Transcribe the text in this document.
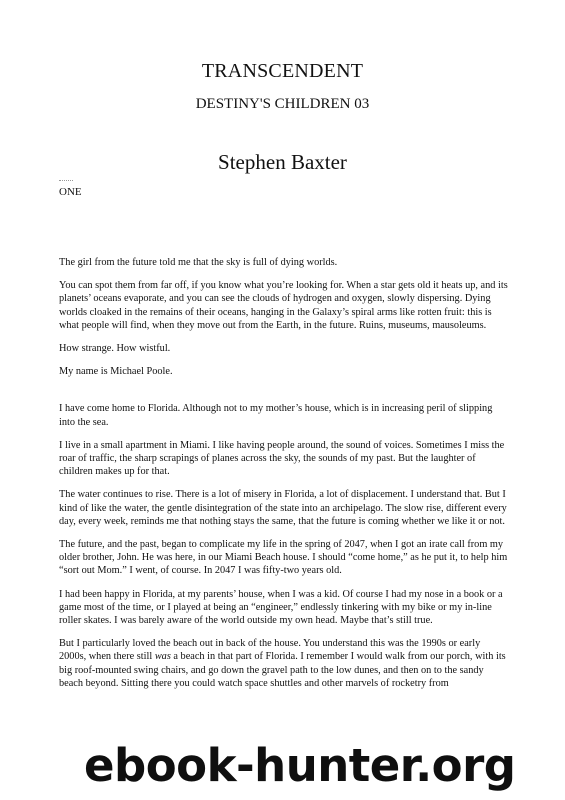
TRANSCENDENT
DESTINY'S CHILDREN 03
Stephen Baxter
ONE

The girl from the future told me that the sky is full of dying worlds.

You can spot them from far off, if you know what you’re looking for. When a star gets old it heats up, and its planets’ oceans evaporate, and you can see the clouds of hydrogen and oxygen, slowly dispersing. Dying worlds cloaked in the remains of their oceans, hanging in the Galaxy’s spiral arms like rotten fruit: this is what people will find, when they move out from the Earth, in the future. Ruins, museums, mausoleums.

How strange. How wistful.

My name is Michael Poole.

I have come home to Florida. Although not to my mother’s house, which is in increasing peril of slipping into the sea.

I live in a small apartment in Miami. I like having people around, the sound of voices. Sometimes I miss the roar of traffic, the sharp scrapings of planes across the sky, the sounds of my past. But the laughter of children makes up for that.

The water continues to rise. There is a lot of misery in Florida, a lot of displacement. I understand that. But I kind of like the water, the gentle disintegration of the state into an archipelago. The slow rise, different every day, every week, reminds me that nothing stays the same, that the future is coming whether we like it or not.

The future, and the past, began to complicate my life in the spring of 2047, when I got an irate call from my older brother, John. He was here, in our Miami Beach house. I should “come home,” as he put it, to help him “sort out Mom.” I went, of course. In 2047 I was fifty-two years old.

I had been happy in Florida, at my parents’ house, when I was a kid. Of course I had my nose in a book or a game most of the time, or I played at being an “engineer,” endlessly tinkering with my bike or my in-line roller skates. I was barely aware of the world outside my own head. Maybe that’s still true.

But I particularly loved the beach out in back of the house. You understand this was the 1990s or early 2000s, when there still was a beach in that part of Florida. I remember I would walk from our porch, with its big roof-mounted swing chairs, and go down the gravel path to the low dunes, and then on to the sandy beach beyond. Sitting there you could watch space shuttles and other marvels of rocketry from

ebook-hunter.org
